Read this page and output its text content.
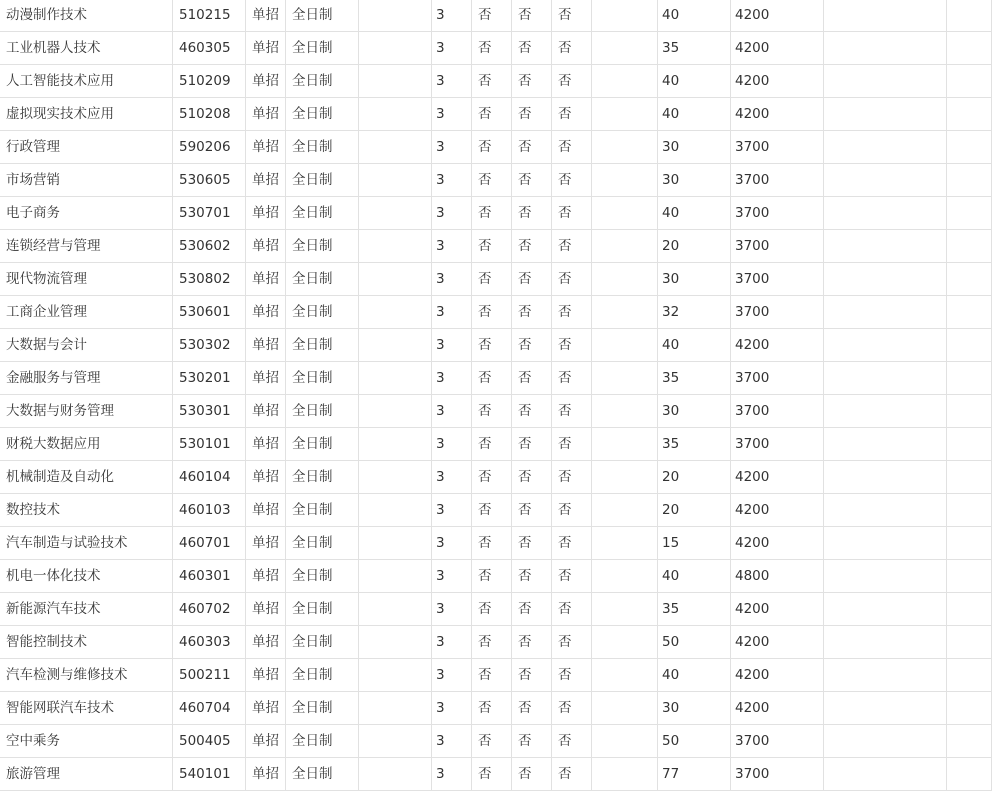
动漫制作技术	510215	单招	全日制		3	否	否	否		40	4200		
工业机器人技术	460305	单招	全日制		3	否	否	否		35	4200		
人工智能技术应用	510209	单招	全日制		3	否	否	否		40	4200		
虚拟现实技术应用	510208	单招	全日制		3	否	否	否		40	4200		
行政管理	590206	单招	全日制		3	否	否	否		30	3700		
市场营销	530605	单招	全日制		3	否	否	否		30	3700		
电子商务	530701	单招	全日制		3	否	否	否		40	3700		
连锁经营与管理	530602	单招	全日制		3	否	否	否		20	3700		
现代物流管理	530802	单招	全日制		3	否	否	否		30	3700		
工商企业管理	530601	单招	全日制		3	否	否	否		32	3700		
大数据与会计	530302	单招	全日制		3	否	否	否		40	4200		
金融服务与管理	530201	单招	全日制		3	否	否	否		35	3700		
大数据与财务管理	530301	单招	全日制		3	否	否	否		30	3700		
财税大数据应用	530101	单招	全日制		3	否	否	否		35	3700		
机械制造及自动化	460104	单招	全日制		3	否	否	否		20	4200		
数控技术	460103	单招	全日制		3	否	否	否		20	4200		
汽车制造与试验技术	460701	单招	全日制		3	否	否	否		15	4200		
机电一体化技术	460301	单招	全日制		3	否	否	否		40	4800		
新能源汽车技术	460702	单招	全日制		3	否	否	否		35	4200		
智能控制技术	460303	单招	全日制		3	否	否	否		50	4200		
汽车检测与维修技术	500211	单招	全日制		3	否	否	否		40	4200		
智能网联汽车技术	460704	单招	全日制		3	否	否	否		30	4200		
空中乘务	500405	单招	全日制		3	否	否	否		50	3700		
旅游管理	540101	单招	全日制		3	否	否	否		77	3700		
